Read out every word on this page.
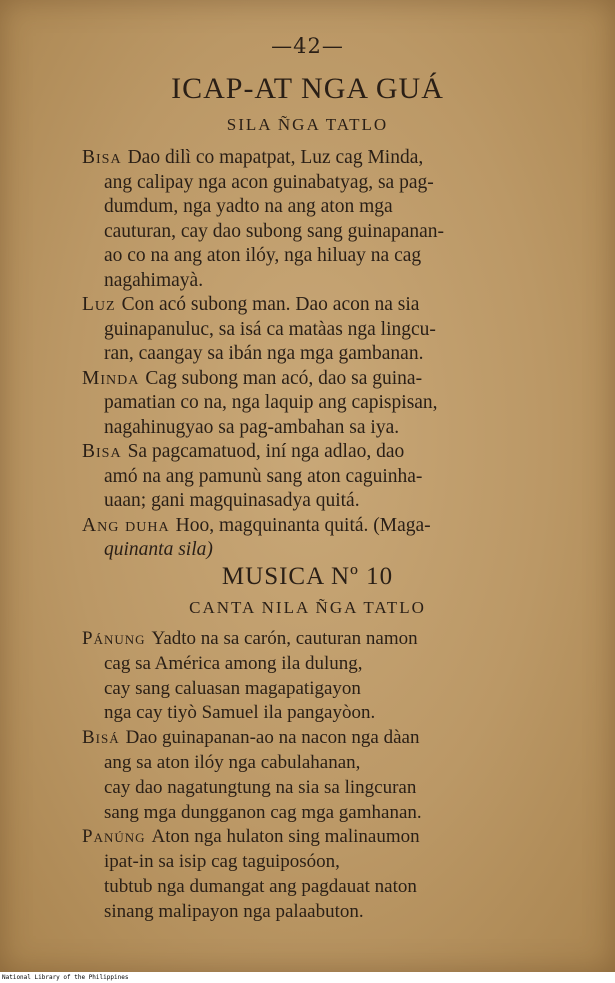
—42—
ICAP-AT NGA GUÁ
SILA ÑGA TATLO
Bisa Dao dilì co mapatpat, Luz cag Minda,
ang calipay nga acon guinabatyag, sa pag-
dumdum, nga yadto na ang aton mga
cauturan, cay dao subong sang guinapanan-
ao co na ang aton ilóy, nga hiluay na cag
nagahimayà.
Luz Con acó subong man. Dao acon na sia
guinapanuluc, sa isá ca matàas nga lingcu-
ran, caangay sa ibán nga mga gambanan.
Minda Cag subong man acó, dao sa guina-
pamatian co na, nga laquip ang capispisan,
nagahinugyao sa pag-ambahan sa iya.
Bisa Sa pagcamatuod, iní nga adlao, dao
amó na ang pamunù sang aton caguinha-
uaan; gani magquinasadya quitá.
Ang duha Hoo, magquinanta quitá. (Maga-
quinanta sila)
MUSICA Nº 10
CANTA NILA ÑGA TATLO
Pánung Yadto na sa carón, cauturan namon
cag sa América among ila dulung,
cay sang caluasan magapatigayon
nga cay tiyò Samuel ila pangayòon.
Bisá Dao guinapanan-ao na nacon nga dàan
ang sa aton ilóy nga cabulahanan,
cay dao nagatungtung na sia sa lingcuran
sang mga dungganon cag mga gamhanan.
Panúng Aton nga hulaton sing malinaumon
ipat-in sa isip cag taguiposóon,
tubtub nga dumangat ang pagdauat naton
sinang malipayon nga palaabuton.
National Library of the Philippines
